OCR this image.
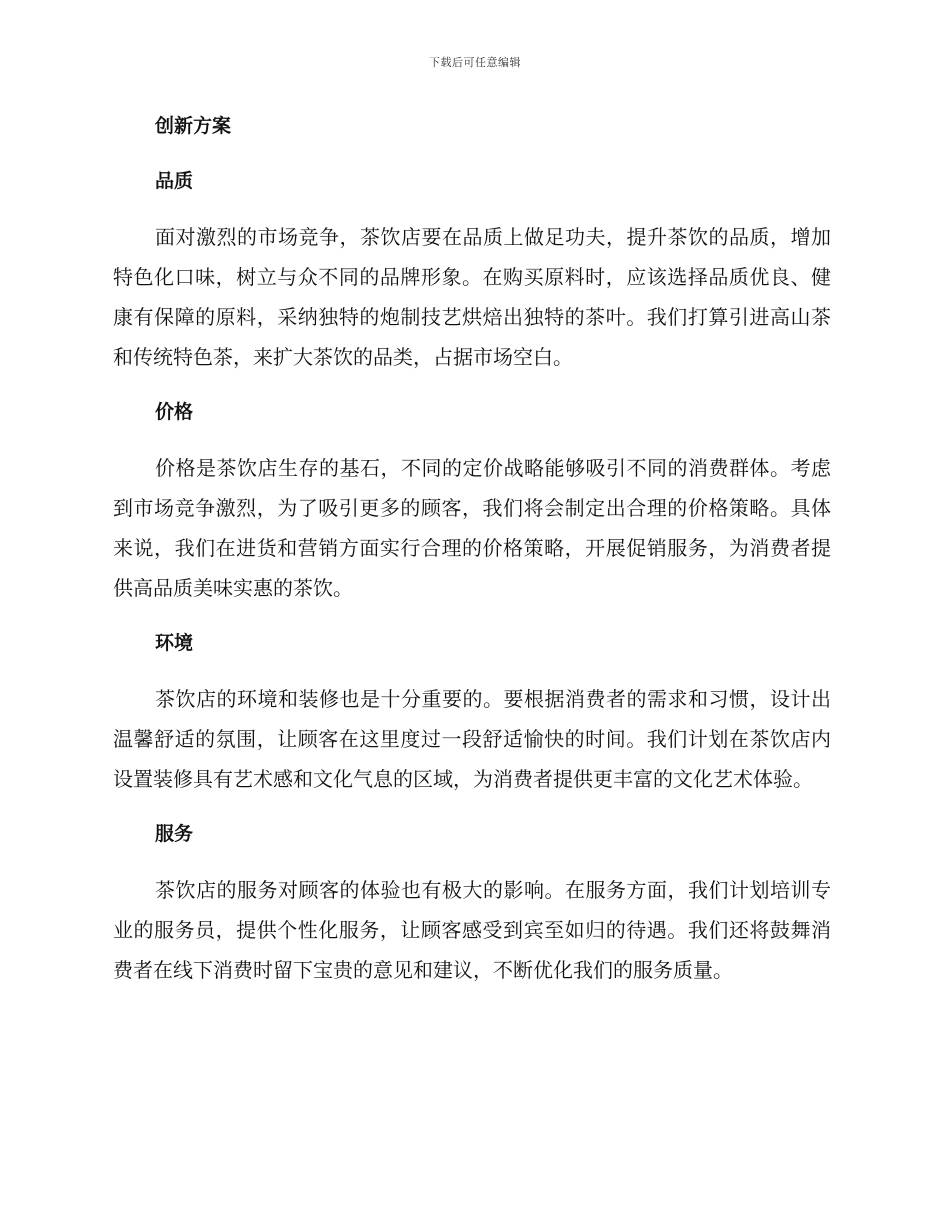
下载后可任意编辑
创新方案
品质

面对激烈的市场竞争，茶饮店要在品质上做足功夫，提升茶饮的品质，增加特色化口味，树立与众不同的品牌形象。在购买原料时，应该选择品质优良、健康有保障的原料，采纳独特的炮制技艺烘焙出独特的茶叶。我们打算引进高山茶和传统特色茶，来扩大茶饮的品类，占据市场空白。

价格

价格是茶饮店生存的基石，不同的定价战略能够吸引不同的消费群体。考虑到市场竞争激烈，为了吸引更多的顾客，我们将会制定出合理的价格策略。具体来说，我们在进货和营销方面实行合理的价格策略，开展促销服务，为消费者提供高品质美味实惠的茶饮。

环境

茶饮店的环境和装修也是十分重要的。要根据消费者的需求和习惯，设计出温馨舒适的氛围，让顾客在这里度过一段舒适愉快的时间。我们计划在茶饮店内设置装修具有艺术感和文化气息的区域，为消费者提供更丰富的文化艺术体验。

服务

茶饮店的服务对顾客的体验也有极大的影响。在服务方面，我们计划培训专业的服务员，提供个性化服务，让顾客感受到宾至如归的待遇。我们还将鼓舞消费者在线下消费时留下宝贵的意见和建议，不断优化我们的服务质量。
